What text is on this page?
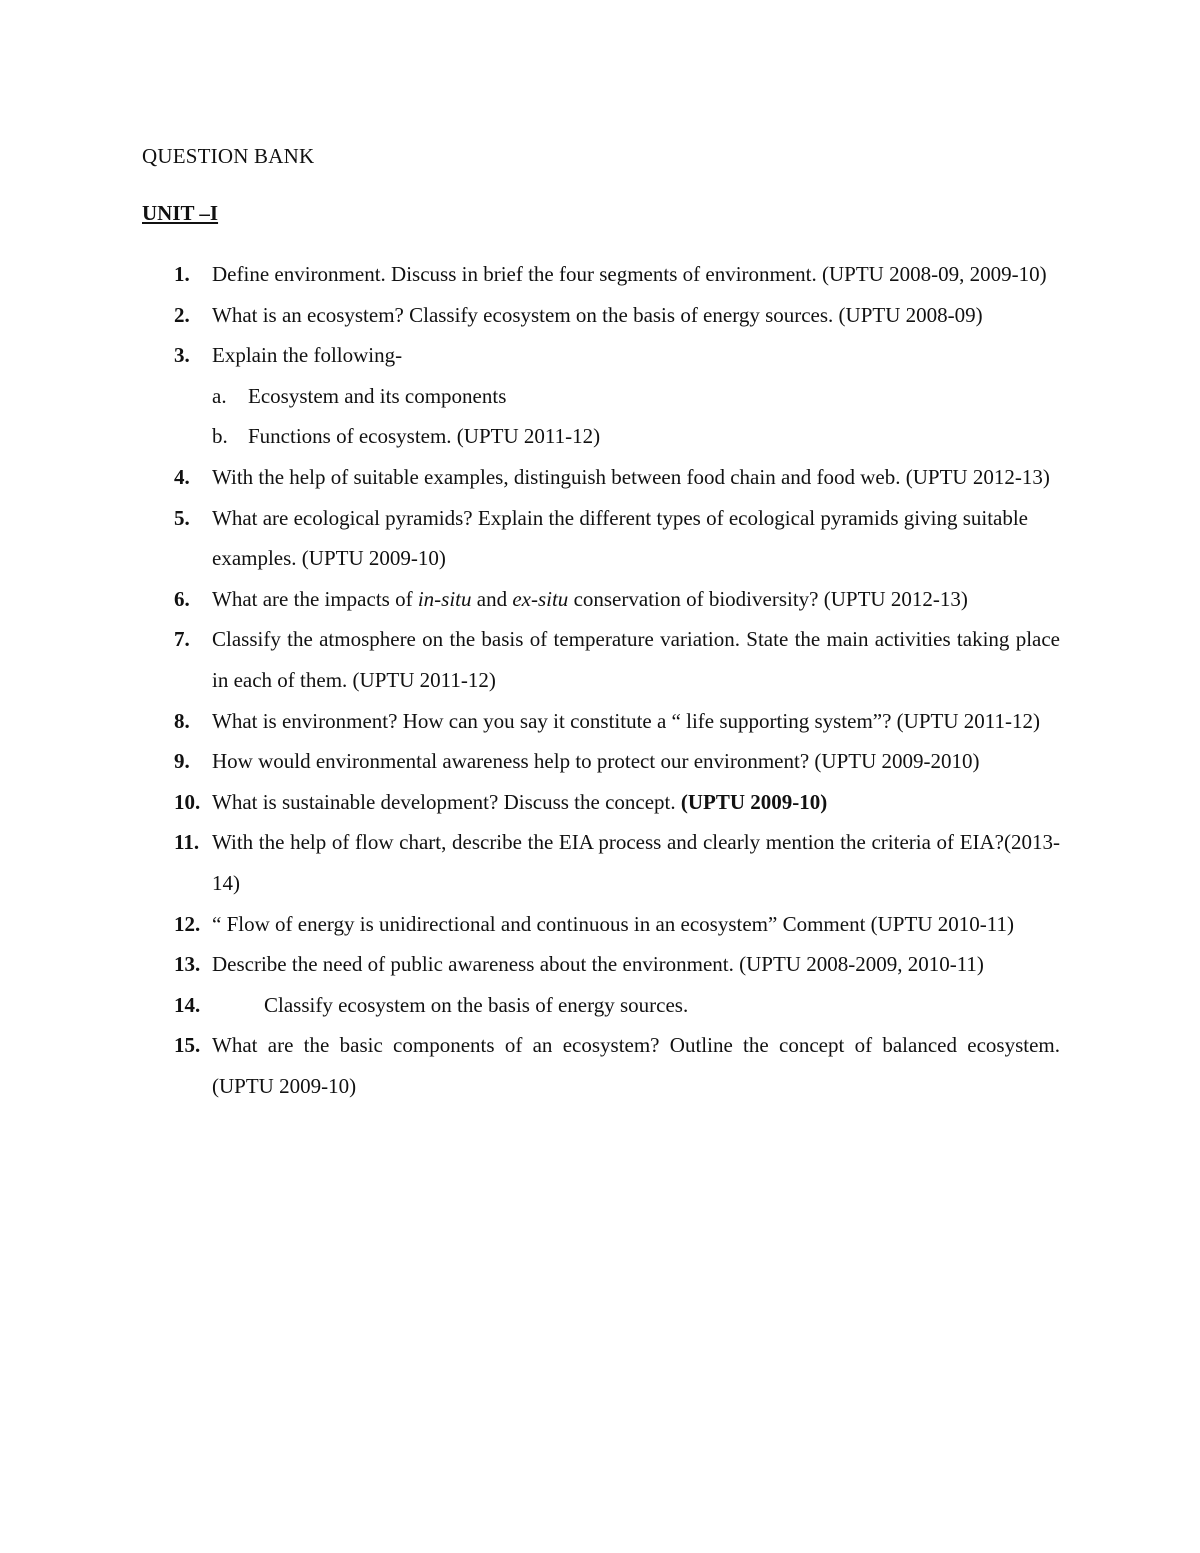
QUESTION BANK
UNIT –I
1. Define environment. Discuss in brief the four segments of environment. (UPTU 2008-09, 2009-10)
2. What is an ecosystem? Classify ecosystem on the basis of energy sources. (UPTU 2008-09)
3. Explain the following-
a. Ecosystem and its components
b. Functions of ecosystem. (UPTU 2011-12)
4. With the help of suitable examples, distinguish between food chain and food web. (UPTU 2012-13)
5. What are ecological pyramids? Explain the different types of ecological pyramids giving suitable examples. (UPTU 2009-10)
6. What are the impacts of in-situ and ex-situ conservation of biodiversity? (UPTU 2012-13)
7. Classify the atmosphere on the basis of temperature variation. State the main activities taking place in each of them. (UPTU 2011-12)
8. What is environment? How can you say it constitute a “ life supporting system”? (UPTU 2011-12)
9. How would environmental awareness help to protect our environment? (UPTU 2009-2010)
10. What is sustainable development? Discuss the concept. (UPTU 2009-10)
11. With the help of flow chart, describe the EIA process and clearly mention the criteria of EIA?(2013-14)
12. “ Flow of energy is unidirectional and continuous in an ecosystem” Comment (UPTU 2010-11)
13. Describe the need of public awareness about the environment. (UPTU 2008-2009, 2010-11)
14.	Classify ecosystem on the basis of energy sources.
15. What are the basic components of an ecosystem? Outline the concept of balanced ecosystem. (UPTU 2009-10)
